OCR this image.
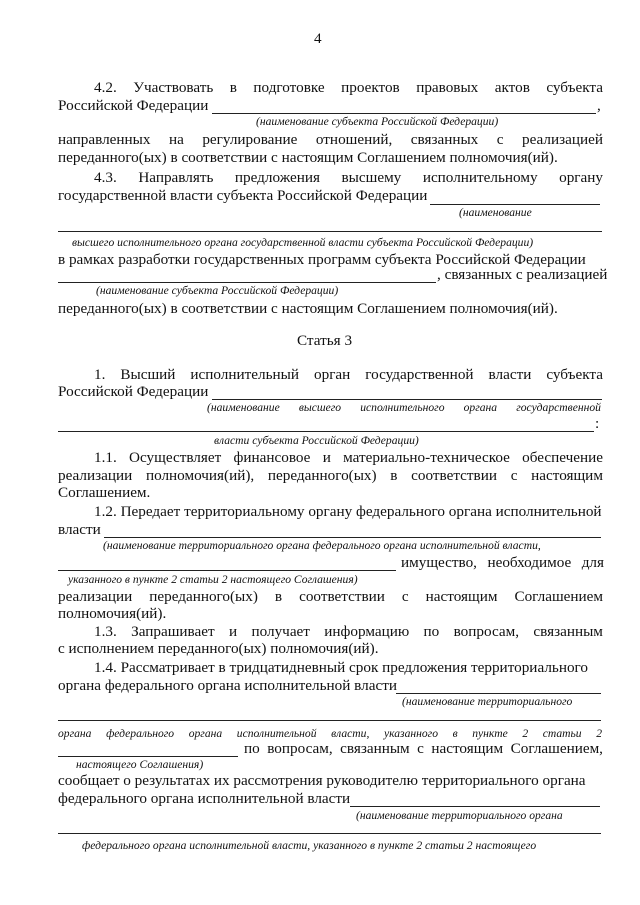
4
4.2. Участвовать в подготовке проектов правовых актов субъекта
Российской Федерации	,
(наименование субъекта Российской Федерации)
направленных на регулирование отношений, связанных с реализацией
переданного(ых) в соответствии с настоящим Соглашением полномочия(ий).
4.3. Направлять предложения высшему исполнительному органу
государственной власти субъекта Российской Федерации
(наименование
высшего исполнительного органа государственной власти субъекта Российской Федерации)
в рамках разработки государственных программ субъекта Российской Федерации
, связанных с реализацией
(наименование субъекта Российской Федерации)
переданного(ых) в соответствии с настоящим Соглашением полномочия(ий).
Статья 3
1. Высший исполнительный орган государственной власти субъекта
Российской Федерации
(наименование высшего исполнительного органа государственной
:
власти субъекта Российской Федерации)
1.1. Осуществляет финансовое и материально-техническое обеспечение
реализации полномочия(ий), переданного(ых) в соответствии с настоящим
Соглашением.
1.2. Передает территориальному органу федерального органа исполнительной
власти
(наименование территориального органа федерального органа исполнительной власти,
имущество, необходимое для
указанного в пункте 2 статьи 2 настоящего Соглашения)
реализации переданного(ых) в соответствии с настоящим Соглашением
полномочия(ий).
1.3. Запрашивает и получает информацию по вопросам, связанным
с исполнением переданного(ых) полномочия(ий).
1.4. Рассматривает в тридцатидневный срок предложения территориального
органа федерального органа исполнительной власти
(наименование территориального
органа федерального органа исполнительной власти, указанного в пункте 2 статьи 2
по вопросам, связанным с настоящим Соглашением,
настоящего Соглашения)
сообщает о результатах их рассмотрения руководителю территориального органа
федерального органа исполнительной власти
(наименование территориального органа
федерального органа исполнительной власти, указанного в пункте 2 статьи 2 настоящего
